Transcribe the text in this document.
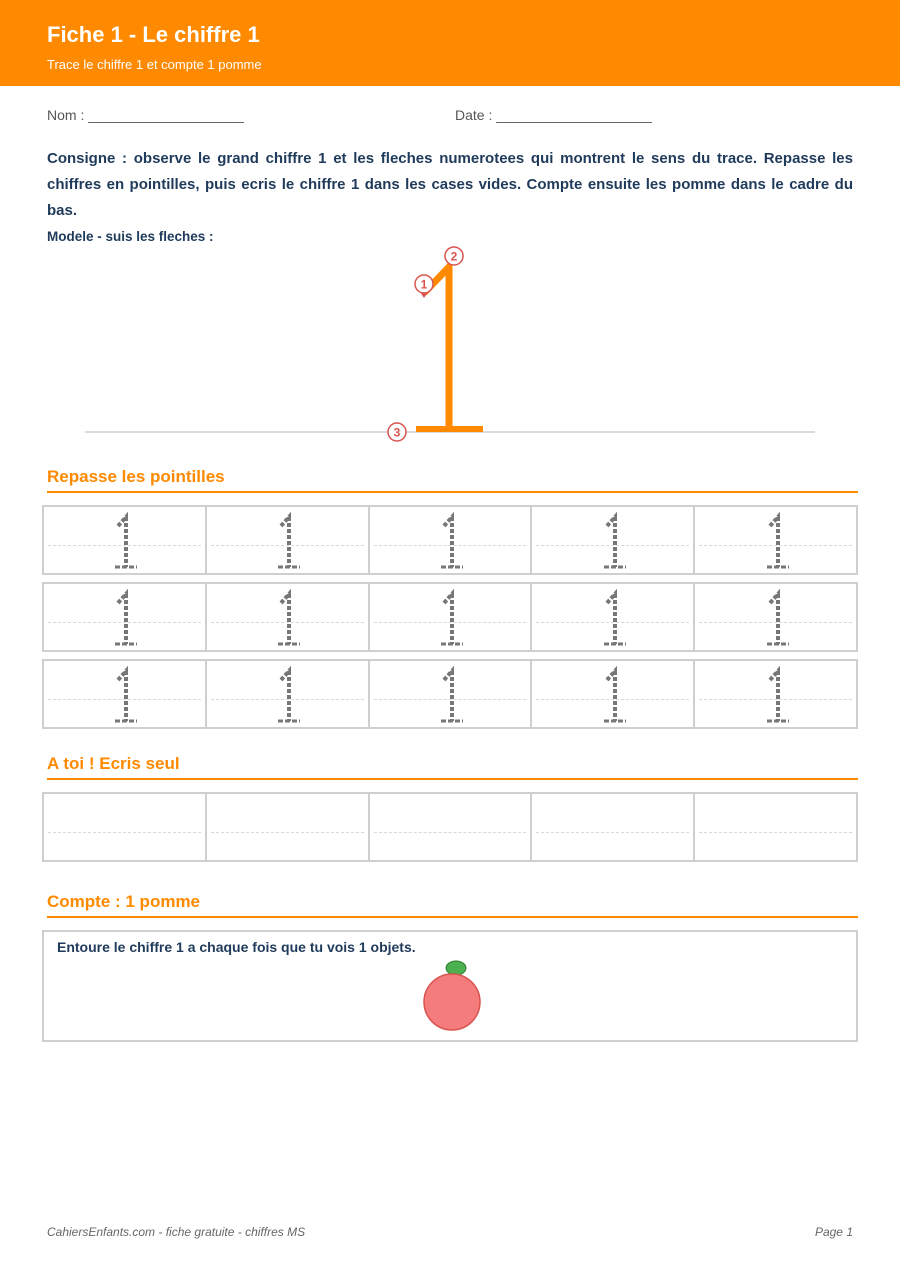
Fiche 1 - Le chiffre 1
Trace le chiffre 1 et compte 1 pomme
Nom : ____________________	Date : ____________________
Consigne : observe le grand chiffre 1 et les fleches numerotees qui montrent le sens du trace. Repasse les chiffres en pointilles, puis ecris le chiffre 1 dans les cases vides. Compte ensuite les pomme dans le cadre du bas.
Modele - suis les fleches :
1
2
3
Repasse les pointilles
A toi ! Ecris seul
Compte : 1 pomme
Entoure le chiffre 1 a chaque fois que tu vois 1 objets.
CahiersEnfants.com - fiche gratuite - chiffres MS	Page 1
